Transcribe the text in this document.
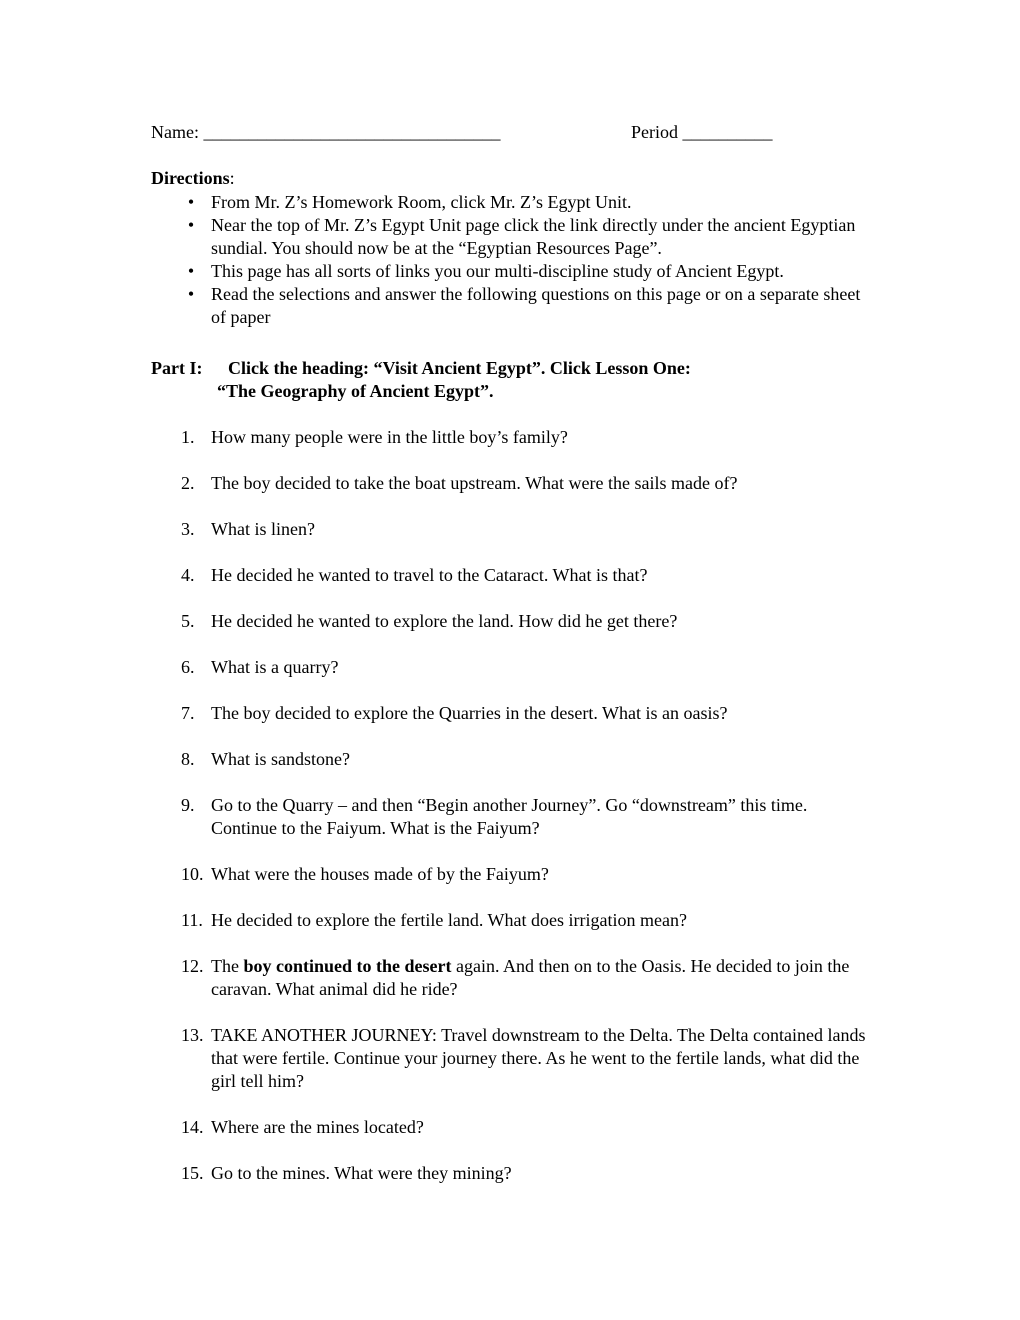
Name: _________________________________	Period __________
Directions:
• From Mr. Z’s Homework Room, click Mr. Z’s Egypt Unit.
• Near the top of Mr. Z’s Egypt Unit page click the link directly under the ancient Egyptian sundial. You should now be at the “Egyptian Resources Page”.
• This page has all sorts of links you our multi-discipline study of Ancient Egypt.
• Read the selections and answer the following questions on this page or on a separate sheet of paper
Part I: Click the heading: “Visit Ancient Egypt”. Click Lesson One:
“The Geography of Ancient Egypt”.
1. How many people were in the little boy’s family?
2. The boy decided to take the boat upstream. What were the sails made of?
3. What is linen?
4. He decided he wanted to travel to the Cataract. What is that?
5. He decided he wanted to explore the land. How did he get there?
6. What is a quarry?
7. The boy decided to explore the Quarries in the desert. What is an oasis?
8. What is sandstone?
9. Go to the Quarry – and then “Begin another Journey”. Go “downstream” this time. Continue to the Faiyum. What is the Faiyum?
10. What were the houses made of by the Faiyum?
11. He decided to explore the fertile land. What does irrigation mean?
12. The boy continued to the desert again. And then on to the Oasis. He decided to join the caravan. What animal did he ride?
13. TAKE ANOTHER JOURNEY: Travel downstream to the Delta. The Delta contained lands that were fertile. Continue your journey there. As he went to the fertile lands, what did the girl tell him?
14. Where are the mines located?
15. Go to the mines. What were they mining?
